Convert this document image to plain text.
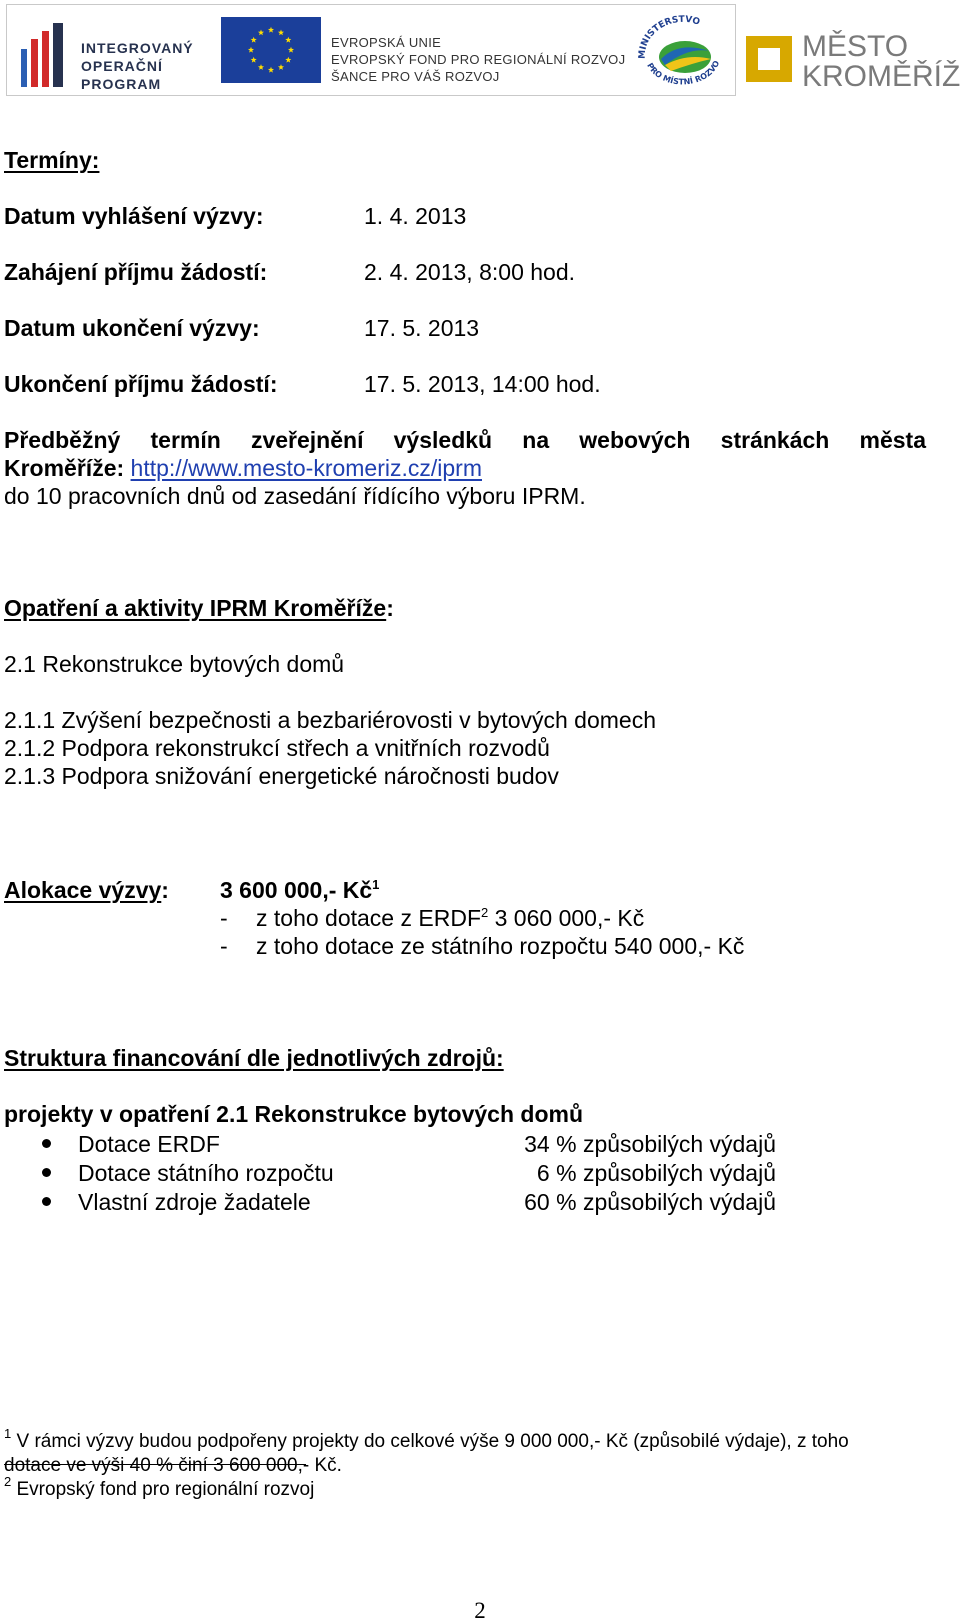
INTEGROVANÝ
OPERAČNÍ
PROGRAM
EVROPSKÁ UNIE
EVROPSKÝ FOND PRO REGIONÁLNÍ ROZVOJ
ŠANCE PRO VÁŠ ROZVOJ
MINISTERSTVO
PRO MÍSTNÍ ROZVO
MĚSTO
KROMĚŘÍŽ
Termíny:
Datum vyhlášení výzvy:	1. 4. 2013
Zahájení příjmu žádostí:	2. 4. 2013, 8:00 hod.
Datum ukončení výzvy:	17. 5. 2013
Ukončení příjmu žádostí:	17. 5. 2013, 14:00 hod.
Předběžný termín zveřejnění výsledků na webových stránkách města
Kroměříže: http://www.mesto-kromeriz.cz/iprm
do 10 pracovních dnů od zasedání řídícího výboru IPRM.
Opatření a aktivity IPRM Kroměříže:
2.1 Rekonstrukce bytových domů
2.1.1 Zvýšení bezpečnosti a bezbariérovosti v bytových domech
2.1.2 Podpora rekonstrukcí střech a vnitřních rozvodů
2.1.3 Podpora snižování energetické náročnosti budov
Alokace výzvy: 3 600 000,- $Kč^1$
- z toho dotace z ERDF$^2$ 3 060 000,- Kč
- z toho dotace ze státního rozpočtu 540 000,- Kč
Struktura financování dle jednotlivých zdrojů:
projekty v opatření 2.1 Rekonstrukce bytových domů
Dotace ERDF	34 % způsobilých výdajů
Dotace státního rozpočtu	6 % způsobilých výdajů
Vlastní zdroje žadatele	60 % způsobilých výdajů
$^1$ V rámci výzvy budou podpořeny projekty do celkové výše 9 000 000,- Kč (způsobilé výdaje), z toho
dotace ve výši 40 % činí 3 600 000,- Kč.
$^2$ Evropský fond pro regionální rozvoj
2
